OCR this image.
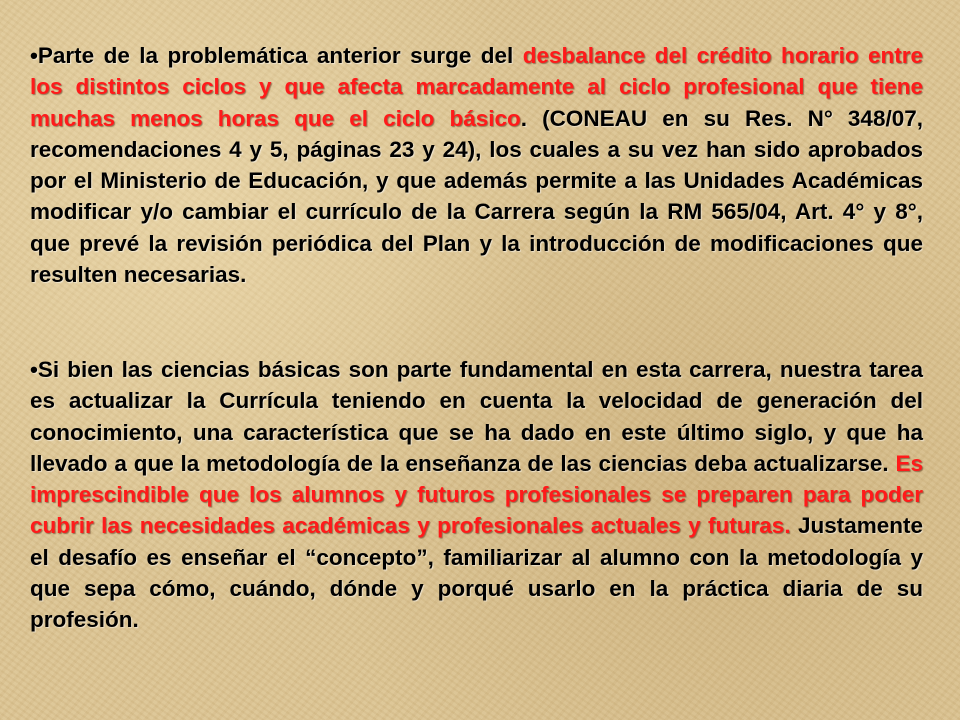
•Parte de la problemática anterior surge del desbalance del crédito horario entre los distintos ciclos y que afecta marcadamente al ciclo profesional que tiene muchas menos horas que el ciclo básico. (CONEAU en su Res. N° 348/07, recomendaciones 4 y 5, páginas 23 y 24), los cuales a su vez han sido aprobados por el Ministerio de Educación, y que además permite a las Unidades Académicas modificar y/o cambiar el currículo de la Carrera según la RM 565/04, Art. 4° y 8°, que prevé la revisión periódica del Plan y la introducción de modificaciones que resulten necesarias.

•Si bien las ciencias básicas son parte fundamental en esta carrera, nuestra tarea es actualizar la Currícula teniendo en cuenta la velocidad de generación del conocimiento, una característica que se ha dado en este último siglo, y que ha llevado a que la metodología de la enseñanza de las ciencias deba actualizarse. Es imprescindible que los alumnos y futuros profesionales se preparen para poder cubrir las necesidades académicas y profesionales actuales y futuras. Justamente el desafío es enseñar el “concepto”, familiarizar al alumno con la metodología y que sepa cómo, cuándo, dónde y porqué usarlo en la práctica diaria de su profesión.
